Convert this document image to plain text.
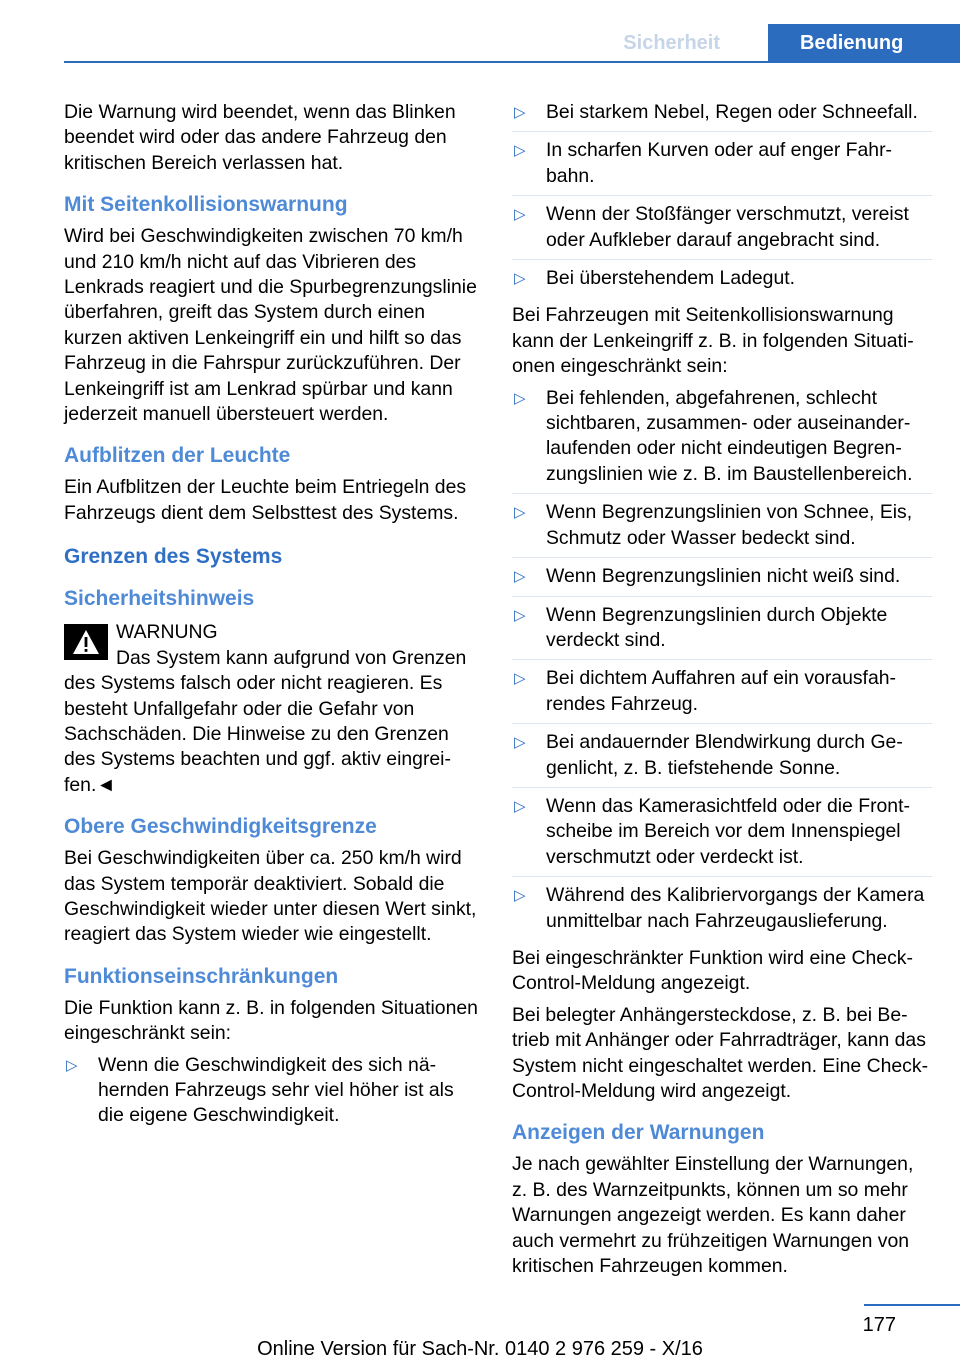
Sicherheit	Bedienung

Die Warnung wird beendet, wenn das Blinken beendet wird oder das andere Fahrzeug den kritischen Bereich verlassen hat.

Mit Seitenkollisionswarnung

Wird bei Geschwindigkeiten zwischen 70 km/h und 210 km/h nicht auf das Vibrieren des Lenkrads reagiert und die Spurbegrenzungslinie überfahren, greift das System durch einen kurzen aktiven Lenkeingriff ein und hilft so das Fahrzeug in die Fahrspur zurückzuführen. Der Lenkeingriff ist am Lenkrad spürbar und kann jederzeit manuell übersteuert werden.

Aufblitzen der Leuchte

Ein Aufblitzen der Leuchte beim Entriegeln des Fahrzeugs dient dem Selbsttest des Systems.

Grenzen des Systems
Sicherheitshinweis
WARNUNG
Das System kann aufgrund von Grenzen

des Systems falsch oder nicht reagieren. Es besteht Unfallgefahr oder die Gefahr von Sachschäden. Die Hinweise zu den Grenzen des Systems beachten und ggf. aktiv eingreifen.◄

Obere Geschwindigkeitsgrenze

Bei Geschwindigkeiten über ca. 250 km/h wird das System temporär deaktiviert. Sobald die Geschwindigkeit wieder unter diesen Wert sinkt, reagiert das System wieder wie eingestellt.

Funktionseinschränkungen

Die Funktion kann z. B. in folgenden Situationen eingeschränkt sein:

▷ Wenn die Geschwindigkeit des sich nähernden Fahrzeugs sehr viel höher ist als die eigene Geschwindigkeit.
▷ Bei starkem Nebel, Regen oder Schneefall.
▷ In scharfen Kurven oder auf enger Fahrbahn.
▷ Wenn der Stoßfänger verschmutzt, vereist oder Aufkleber darauf angebracht sind.
▷ Bei überstehendem Ladegut.

Bei Fahrzeugen mit Seitenkollisionswarnung kann der Lenkeingriff z. B. in folgenden Situationen eingeschränkt sein:

▷ Bei fehlenden, abgefahrenen, schlecht sichtbaren, zusammen- oder auseinanderlaufenden oder nicht eindeutigen Begrenzungslinien wie z. B. im Baustellenbereich.
▷ Wenn Begrenzungslinien von Schnee, Eis, Schmutz oder Wasser bedeckt sind.
▷ Wenn Begrenzungslinien nicht weiß sind.
▷ Wenn Begrenzungslinien durch Objekte verdeckt sind.
▷ Bei dichtem Auffahren auf ein vorausfahrendes Fahrzeug.
▷ Bei andauernder Blendwirkung durch Gegenlicht, z. B. tiefstehende Sonne.
▷ Wenn das Kamerasichtfeld oder die Frontscheibe im Bereich vor dem Innenspiegel verschmutzt oder verdeckt ist.
▷ Während des Kalibriervorgangs der Kamera unmittelbar nach Fahrzeugauslieferung.

Bei eingeschränkter Funktion wird eine Check-Control-Meldung angezeigt.

Bei belegter Anhängersteckdose, z. B. bei Betrieb mit Anhänger oder Fahrradträger, kann das System nicht eingeschaltet werden. Eine Check-Control-Meldung wird angezeigt.

Anzeigen der Warnungen

Je nach gewählter Einstellung der Warnungen, z. B. des Warnzeitpunkts, können um so mehr Warnungen angezeigt werden. Es kann daher auch vermehrt zu frühzeitigen Warnungen von kritischen Fahrzeugen kommen.

177
Online Version für Sach-Nr. 0140 2 976 259 - X/16
